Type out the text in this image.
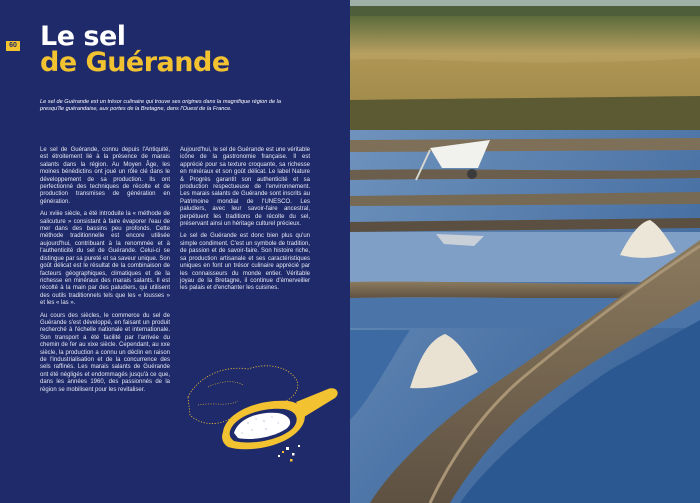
60 Le sel
de Guérande
Le sel de Guérande est un trésor culinaire qui trouve ses origines dans la magnifique région de la presqu'île guérandaise, aux portes de la Bretagne, dans l'Ouest de la France.

Le sel de Guérande, connu depuis l'Antiquité, est étroitement lié à la présence de marais salants dans la région. Au Moyen Âge, les moines bénédictins ont joué un rôle clé dans le développement de sa production. Ils ont perfectionné des techniques de récolte et de production transmises de génération en génération.

Au xviiie siècle, a été introduite la « méthode de salicuture » consistant à faire évaporer l'eau de mer dans des bassins peu profonds. Cette méthode traditionnelle est encore utilisée aujourd'hui, contribuant à la renommée et à l'authenticité du sel de Guérande. Celui-ci se distingue par sa pureté et sa saveur unique. Son goût délicat est le résultat de la combinaison de facteurs géographiques, climatiques et de la richesse en minéraux des marais salants. Il est récolté à la main par des paludiers, qui utilisent des outils traditionnels tels que les « lousses » et les « las ».

Au cours des siècles, le commerce du sel de Guérande s'est développé, en faisant un produit recherché à l'échelle nationale et internationale. Son transport a été facilité par l'arrivée du chemin de fer au xixe siècle. Cependant, au xxe siècle, la production a connu un déclin en raison de l'industrialisation et de la concurrence des sels raffinés. Les marais salants de Guérande ont été négligés et endommagés jusqu'à ce que, dans les années 1960, des passionnés de la région se mobilisent pour les revitaliser.

Aujourd'hui, le sel de Guérande est une véritable icône de la gastronomie française. Il est apprécié pour sa texture croquante, sa richesse en minéraux et son goût délicat. Le label Nature & Progrès garantit son authenticité et sa production respectueuse de l'environnement. Les marais salants de Guérande sont inscrits au Patrimoine mondial de l'UNESCO. Les paludiers, avec leur savoir-faire ancestral, perpétuent les traditions de récolte du sel, préservant ainsi un héritage culturel précieux.

Le sel de Guérande est donc bien plus qu'un simple condiment. C'est un symbole de tradition, de passion et de savoir-faire. Son histoire riche, sa production artisanale et ses caractéristiques uniques en font un trésor culinaire apprécié par les connaisseurs du monde entier. Véritable joyau de la Bretagne, il continue d'émerveiller les palais et d'enchanter les cuisines.
